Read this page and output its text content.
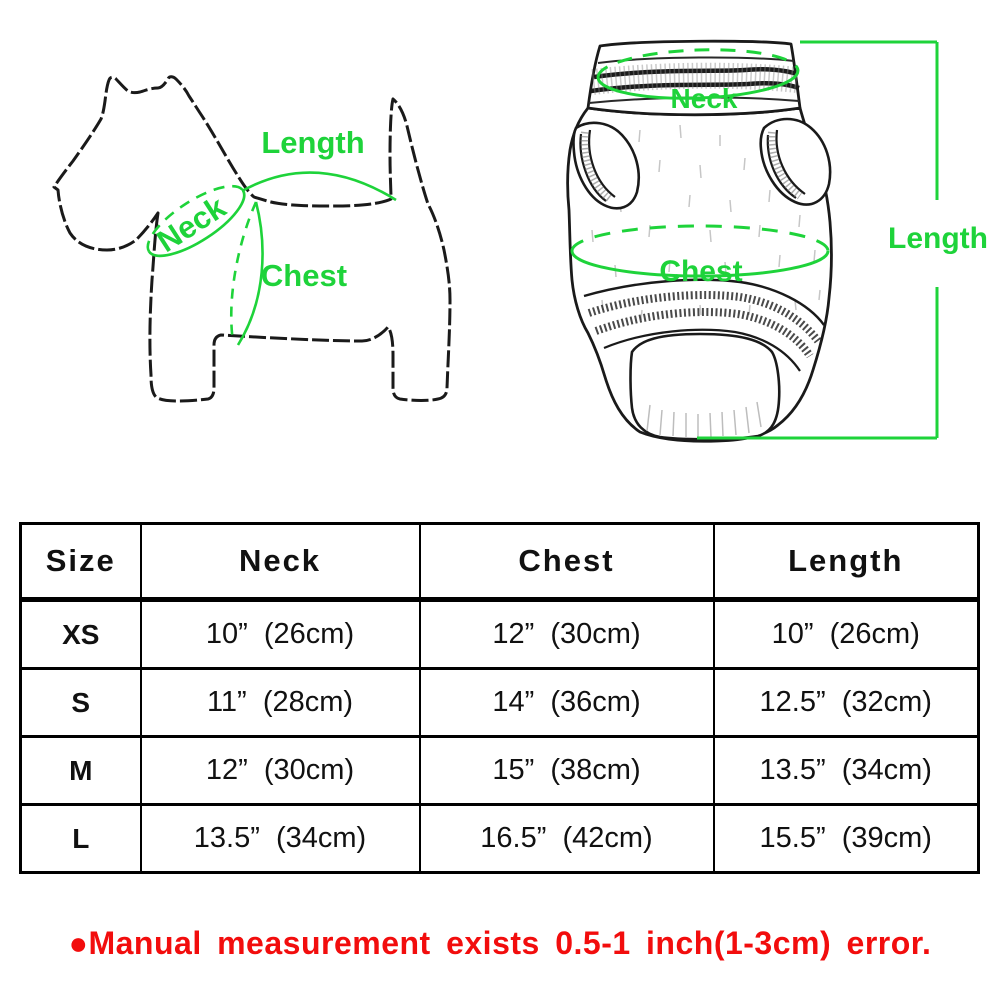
Length
Neck
Chest
Neck
Chest
Length
Size	Neck	Chest	Length
XS	10”  (26cm)	12”  (30cm)	10”  (26cm)
S	11”  (28cm)	14”  (36cm)	12.5”  (32cm)
M	12”  (30cm)	15”  (38cm)	13.5”  (34cm)
L	13.5”  (34cm)	16.5”  (42cm)	15.5”  (39cm)
●Manual measurement exists 0.5-1 inch(1-3cm) error.
